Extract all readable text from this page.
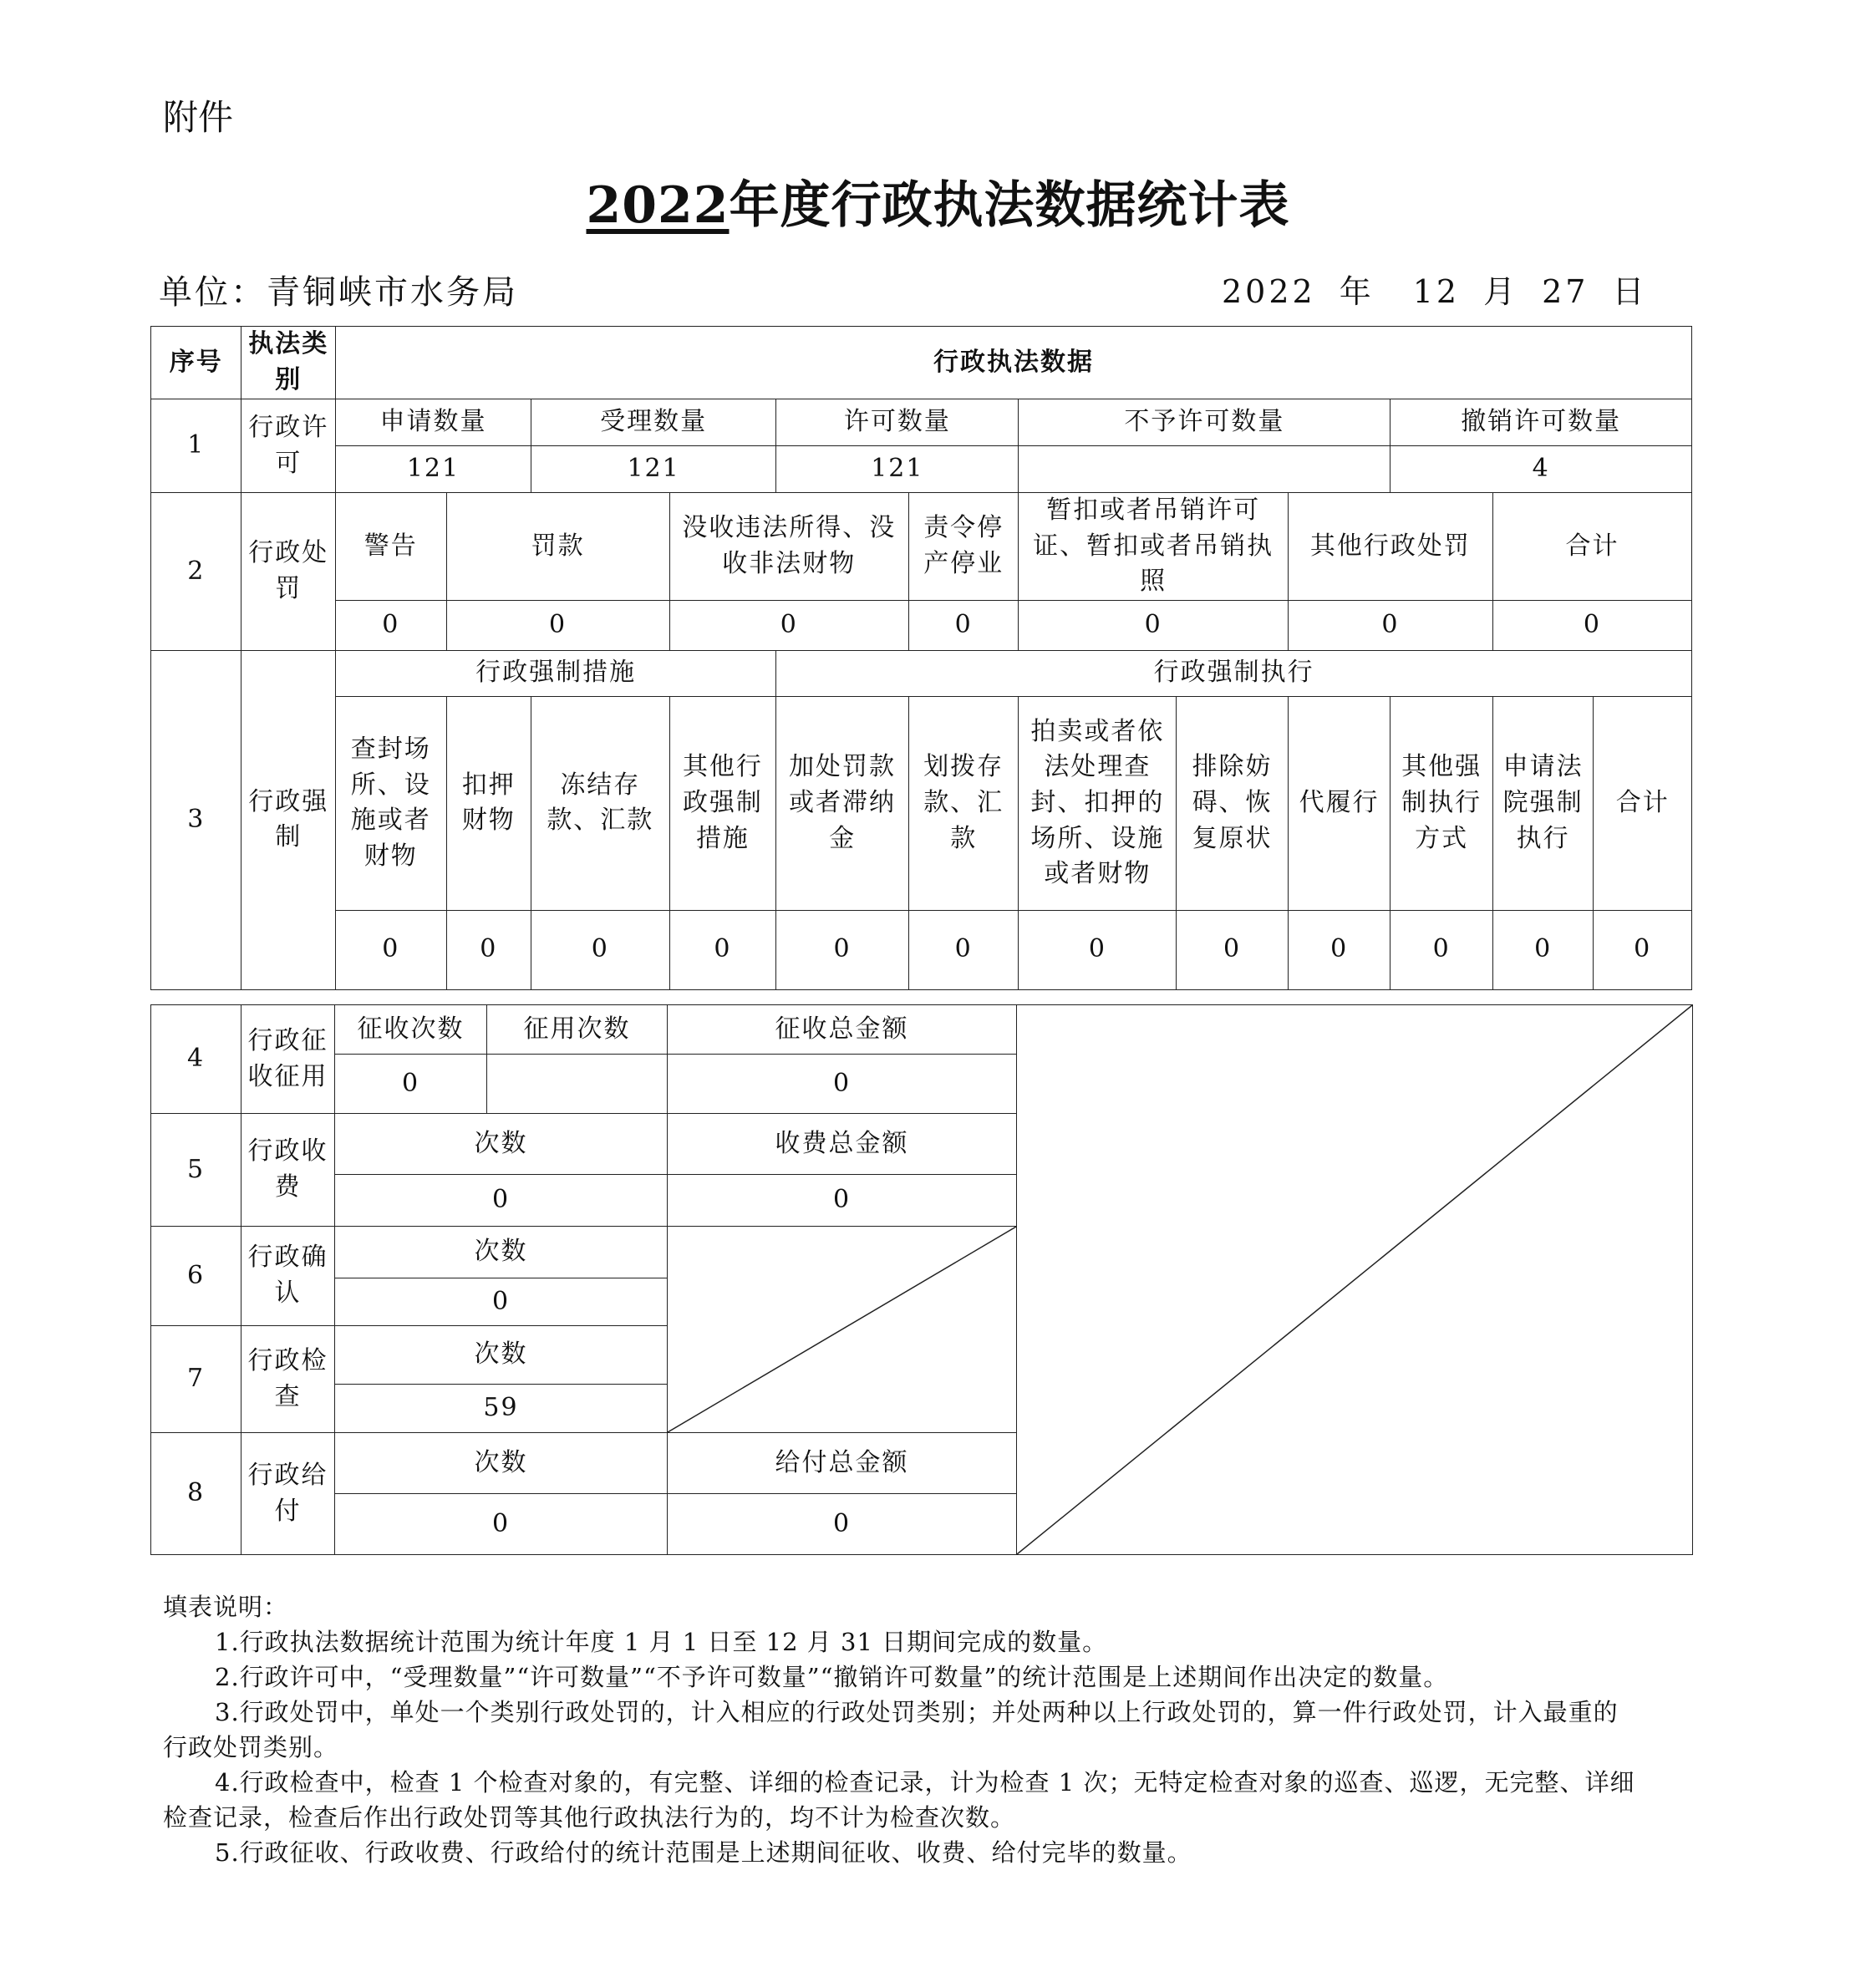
附件
2022年度行政执法数据统计表
单位：青铜峡市水务局	2022 年 12 月 27 日
序号	执法类别	行政执法数据											
1	行政许可	申请数量		受理数量		许可数量		不予许可数量			撤销许可数量		
		121		121		121					4		
2	行政处罚	警告	罚款		没收违法所得、没收非法财物		责令停产停业	暂扣或者吊销许可证、暂扣或者吊销执照		其他行政处罚		合计	
		0	0		0		0	0		0		0	
3	行政强制	行政强制措施				行政强制执行							
		查封场所、设施或者财物	扣押财物	冻结存款、汇款	其他行政强制措施	加处罚款或者滞纳金	划拨存款、汇款	拍卖或者依法处理查封、扣押的场所、设施或者财物	排除妨碍、恢复原状	代履行	其他强制执行方式	申请法院强制执行	合计
		0	0	0	0	0	0	0	0	0	0	0	0
4	行政征收征用	征收次数	征用次数	征收总金额	

		0		0	
5	行政收费	次数		收费总金额	
		0		0	
6	行政确认	次数	

		0			
7	行政检查	次数			
		59			
8	行政给付	次数		给付总金额	
		0		0	
填表说明：
1.行政执法数据统计范围为统计年度 1 月 1 日至 12 月 31 日期间完成的数量。
2.行政许可中，“受理数量”“许可数量”“不予许可数量”“撤销许可数量”的统计范围是上述期间作出决定的数量。
3.行政处罚中，单处一个类别行政处罚的，计入相应的行政处罚类别；并处两种以上行政处罚的，算一件行政处罚，计入最重的
行政处罚类别。
4.行政检查中，检查 1 个检查对象的，有完整、详细的检查记录，计为检查 1 次；无特定检查对象的巡查、巡逻，无完整、详细
检查记录，检查后作出行政处罚等其他行政执法行为的，均不计为检查次数。
5.行政征收、行政收费、行政给付的统计范围是上述期间征收、收费、给付完毕的数量。
